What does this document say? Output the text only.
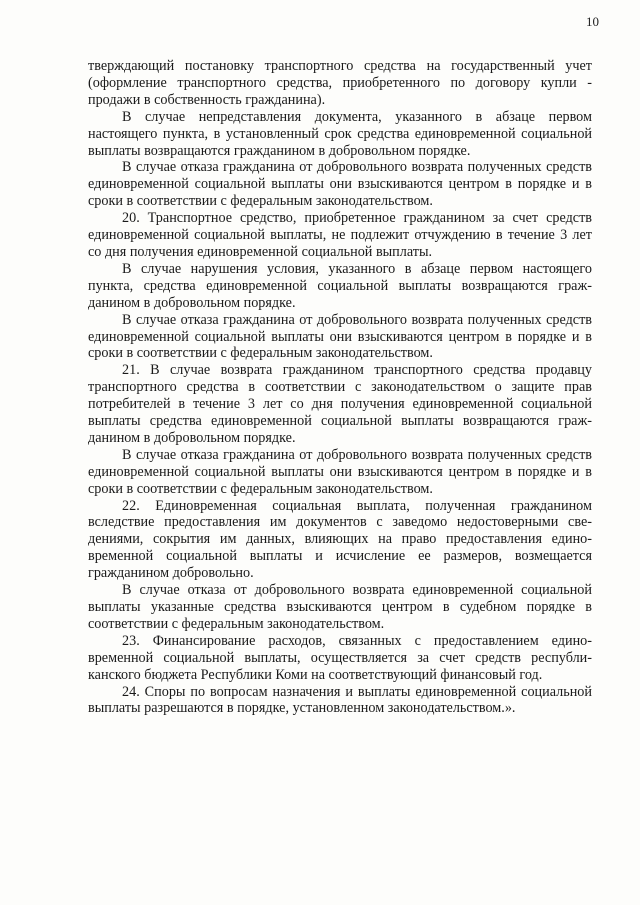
10

тверждающий постановку транспортного средства на государственный учет (оформление транспортного средства, приобретенного по договору купли - продажи в собственность гражданина).

В случае непредставления документа, указанного в абзаце первом настоящего пункта, в установленный срок средства единовременной социальной выплаты возвращаются гражданином в добровольном порядке.

В случае отказа гражданина от добровольного возврата полученных средств единовременной социальной выплаты они взыскиваются центром в порядке и в сроки в соответствии с федеральным законодательством.

20. Транспортное средство, приобретенное гражданином за счет средств единовременной социальной выплаты, не подлежит отчуждению в течение 3 лет со дня получения единовременной социальной выплаты.

В случае нарушения условия, указанного в абзаце первом настоящего пункта, средства единовременной социальной выплаты возвращаются гражданином в добровольном порядке.

В случае отказа гражданина от добровольного возврата полученных средств единовременной социальной выплаты они взыскиваются центром в порядке и в сроки в соответствии с федеральным законодательством.

21. В случае возврата гражданином транспортного средства продавцу транспортного средства в соответствии с законодательством о защите прав потребителей в течение 3 лет со дня получения единовременной социальной выплаты средства единовременной социальной выплаты возвращаются гражданином в добровольном порядке.

В случае отказа гражданина от добровольного возврата полученных средств единовременной социальной выплаты они взыскиваются центром в порядке и в сроки в соответствии с федеральным законодательством.

22. Единовременная социальная выплата, полученная гражданином вследствие предоставления им документов с заведомо недостоверными сведениями, сокрытия им данных, влияющих на право предоставления единовременной социальной выплаты и исчисление ее размеров, возмещается гражданином добровольно.

В случае отказа от добровольного возврата единовременной социальной выплаты указанные средства взыскиваются центром в судебном порядке в соответствии с федеральным законодательством.

23. Финансирование расходов, связанных с предоставлением единовременной социальной выплаты, осуществляется за счет средств республиканского бюджета Республики Коми на соответствующий финансовый год.

24. Споры по вопросам назначения и выплаты единовременной социальной выплаты разрешаются в порядке, установленном законодательством.».
